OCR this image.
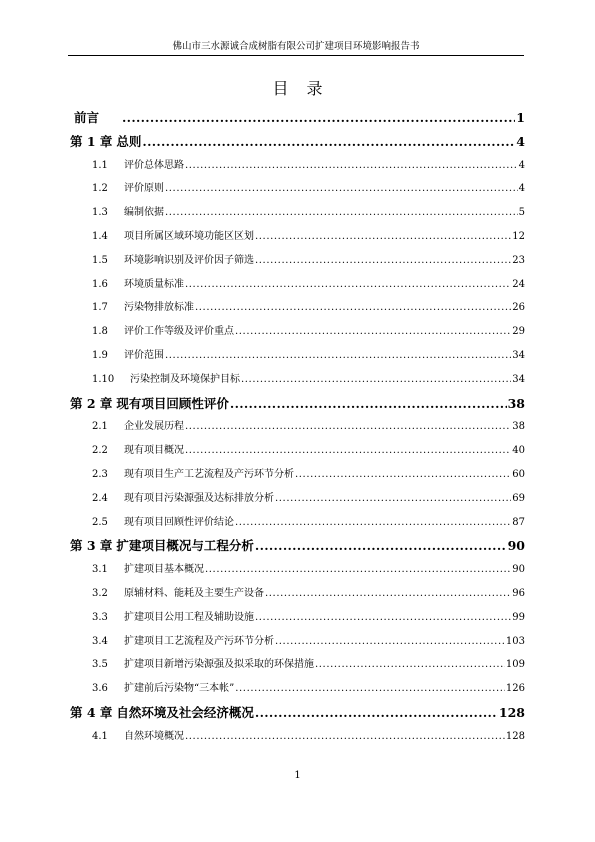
佛山市三水源诚合成树脂有限公司扩建项目环境影响报告书
目录
前言 .....	1
第 1 章 总则 .....	4
1.1	评价总体思路 .....	4
1.2	评价原则 .....	4
1.3	编制依据 .....	5
1.4	项目所属区域环境功能区区划 .....	12
1.5	环境影响识别及评价因子筛选 .....	23
1.6	环境质量标准 .....	24
1.7	污染物排放标准 .....	26
1.8	评价工作等级及评价重点 .....	29
1.9	评价范围 .....	34
1.10	污染控制及环境保护目标 .....	34
第 2 章 现有项目回顾性评价 .....	38
2.1	企业发展历程 .....	38
2.2	现有项目概况 .....	40
2.3	现有项目生产工艺流程及产污环节分析 .....	60
2.4	现有项目污染源强及达标排放分析 .....	69
2.5	现有项目回顾性评价结论 .....	87
第 3 章 扩建项目概况与工程分析 .....	90
3.1	扩建项目基本概况 .....	90
3.2	原辅材料、能耗及主要生产设备 .....	96
3.3	扩建项目公用工程及辅助设施 .....	99
3.4	扩建项目工艺流程及产污环节分析 .....	103
3.5	扩建项目新增污染源强及拟采取的环保措施 .....	109
3.6	扩建前后污染物“三本帐” .....	126
第 4 章 自然环境及社会经济概况 .....	128
4.1	自然环境概况 .....	128
1
